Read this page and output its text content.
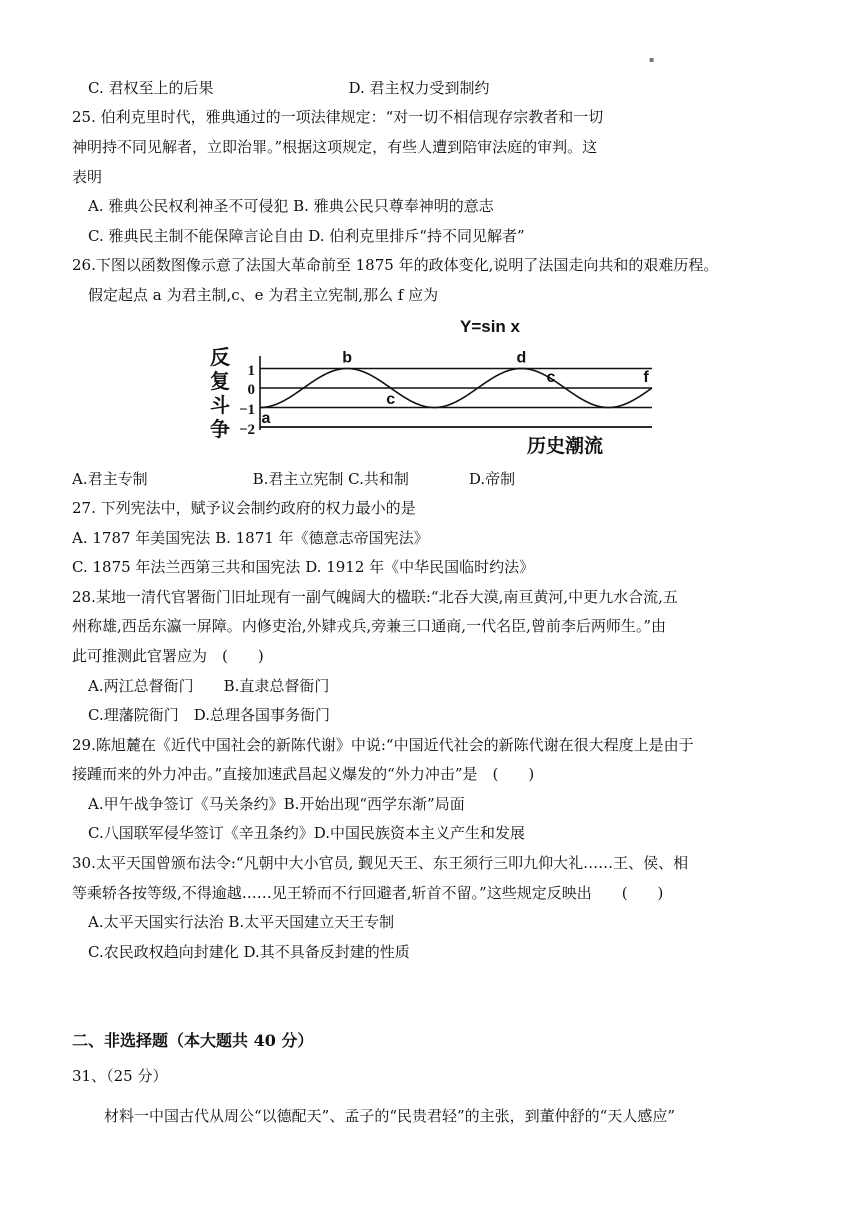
▪
C. 君权至上的后果　　　　　　　　　D. 君主权力受到制约
25. 伯利克里时代，雅典通过的一项法律规定：“对一切不相信现存宗教者和一切
神明持不同见解者，立即治罪。”根据这项规定，有些人遭到陪审法庭的审判。这
表明
A. 雅典公民权利神圣不可侵犯 B. 雅典公民只尊奉神明的意志
C. 雅典民主制不能保障言论自由 D. 伯利克里排斥“持不同见解者”
26.下图以函数图像示意了法国大革命前至 1875 年的政体变化,说明了法国走向共和的艰难历程。
假定起点 a 为君主制,c、e 为君主立宪制,那么 f 应为
Y=sin x
反
复
斗
争
1
0
−1
−2
a
b
c
d
c	f
历史潮流
A.君主专制　　　　　　　B.君主立宪制 C.共和制　　　　D.帝制
27. 下列宪法中，赋予议会制约政府的权力最小的是
A. 1787 年美国宪法 B. 1871 年《德意志帝国宪法》
C. 1875 年法兰西第三共和国宪法 D. 1912 年《中华民国临时约法》
28.某地一清代官署衙门旧址现有一副气魄阔大的楹联:“北吞大漠,南亘黄河,中更九水合流,五
州称雄,西岳东瀛一屏障。内修吏治,外肄戎兵,旁兼三口通商,一代名臣,曾前李后两师生。”由
此可推测此官署应为　(　　)
A.两江总督衙门　　B.直隶总督衙门
C.理藩院衙门　D.总理各国事务衙门
29.陈旭麓在《近代中国社会的新陈代谢》中说:“中国近代社会的新陈代谢在很大程度上是由于
接踵而来的外力冲击。”直接加速武昌起义爆发的“外力冲击”是　(　　)
A.甲午战争签订《马关条约》B.开始出现“西学东渐”局面
C.八国联军侵华签订《辛丑条约》D.中国民族资本主义产生和发展
30.太平天国曾颁布法令:“凡朝中大小官员, 觐见天王、东王须行三叩九仰大礼……王、侯、相
等乘轿各按等级,不得逾越……见王轿而不行回避者,斩首不留。”这些规定反映出　　(　　)
A.太平天国实行法治 B.太平天国建立天王专制
C.农民政权趋向封建化 D.其不具备反封建的性质
二、非选择题（本大题共 40 分）
31、（25 分）
材料一中国古代从周公“以德配天”、孟子的“民贵君轻”的主张，到董仲舒的“天人感应”
